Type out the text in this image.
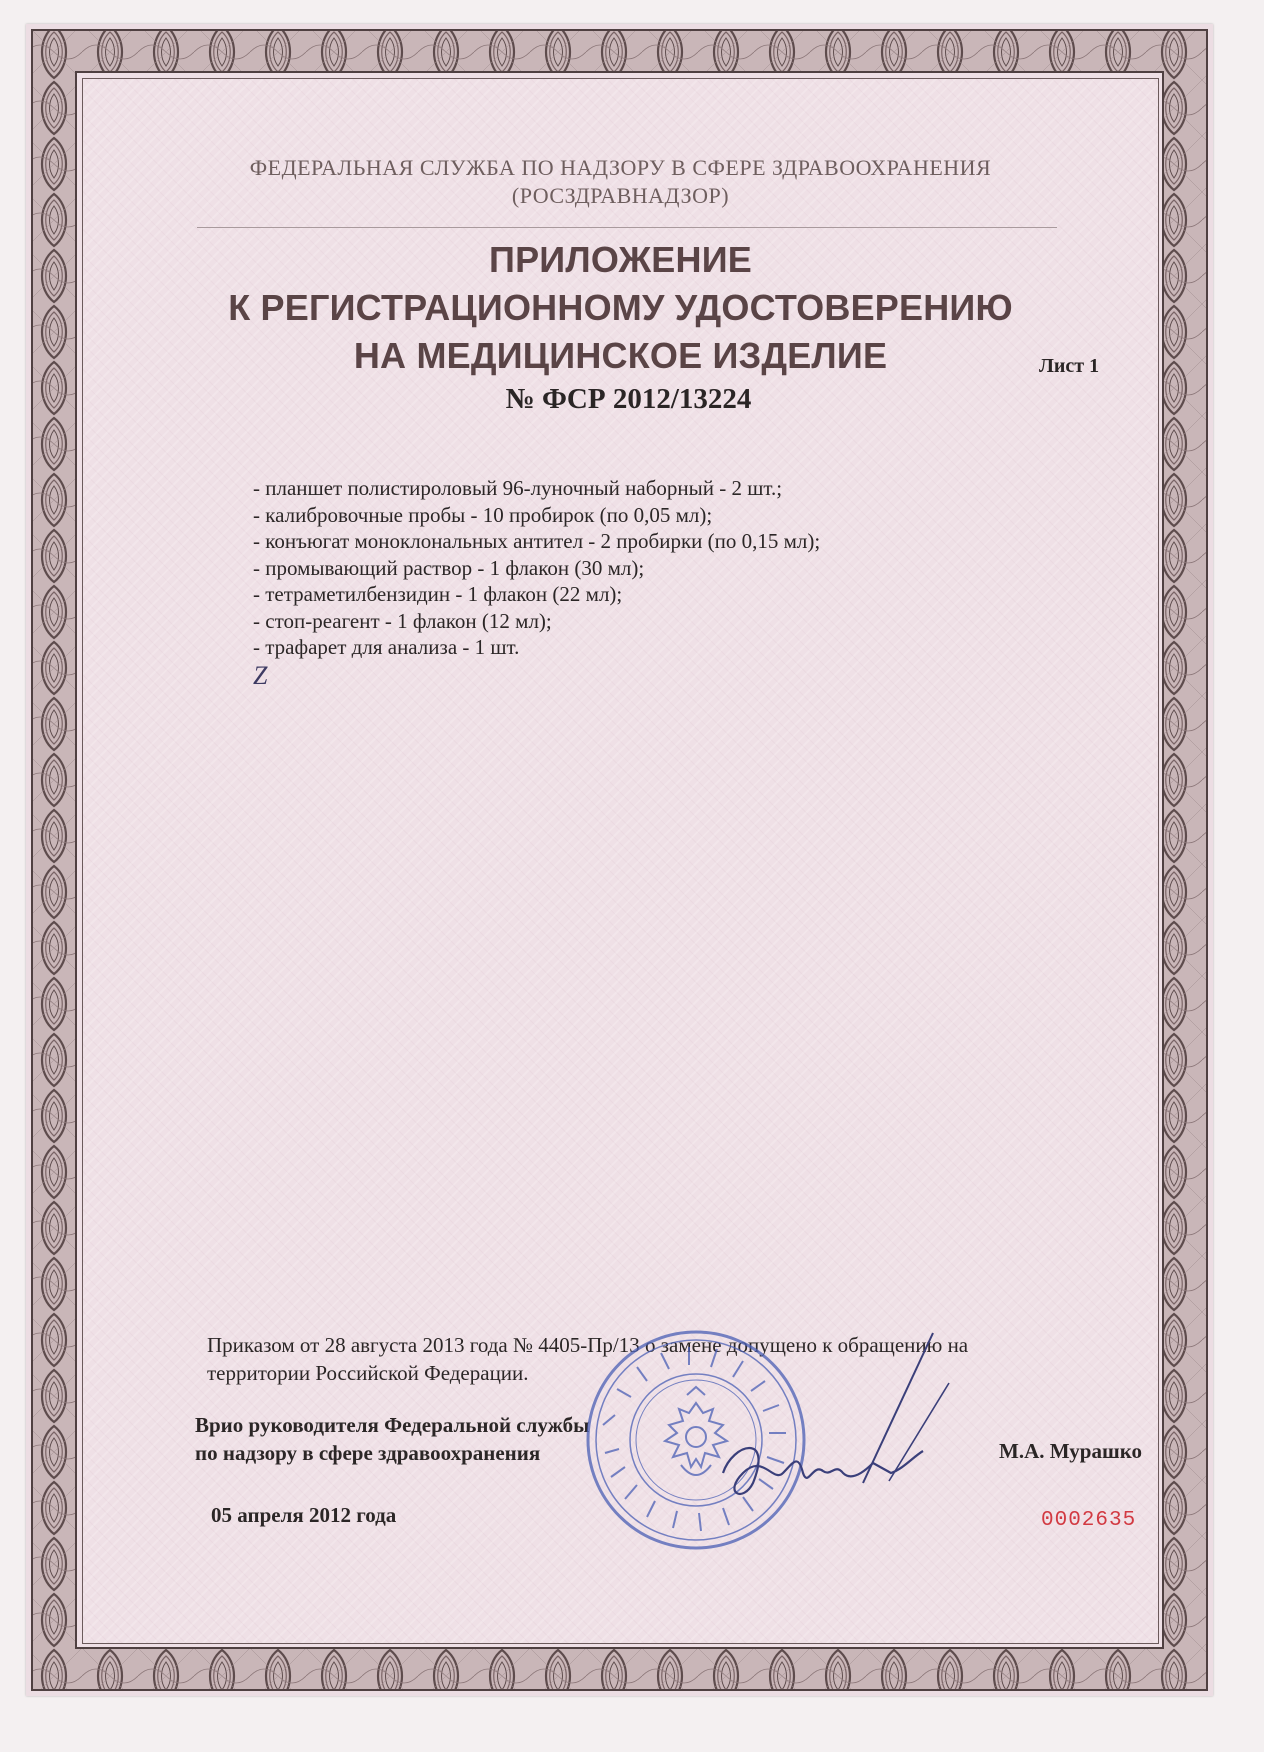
ФЕДЕРАЛЬНАЯ СЛУЖБА ПО НАДЗОРУ В СФЕРЕ ЗДРАВООХРАНЕНИЯ
(РОСЗДРАВНАДЗОР)
ПРИЛОЖЕНИЕ
К РЕГИСТРАЦИОННОМУ УДОСТОВЕРЕНИЮ
НА МЕДИЦИНСКОЕ ИЗДЕЛИЕ	Лист 1
№ ФСР 2012/13224
- планшет полистироловый 96-луночный наборный - 2 шт.;
- калибровочные пробы - 10 пробирок (по 0,05 мл);
- конъюгат моноклональных антител - 2 пробирки (по 0,15 мл);
- промывающий раствор - 1 флакон (30 мл);
- тетраметилбензидин - 1 флакон (22 мл);
- стоп-реагент - 1 флакон (12 мл);
- трафарет для анализа - 1 шт.
Z
Приказом от 28 августа 2013 года № 4405-Пр/13 о замене допущено к обращению на
территории Российской Федерации.
Врио руководителя Федеральной службы
по надзору в сфере здравоохранения	М.А. Мурашко
05 апреля 2012 года	0002635
